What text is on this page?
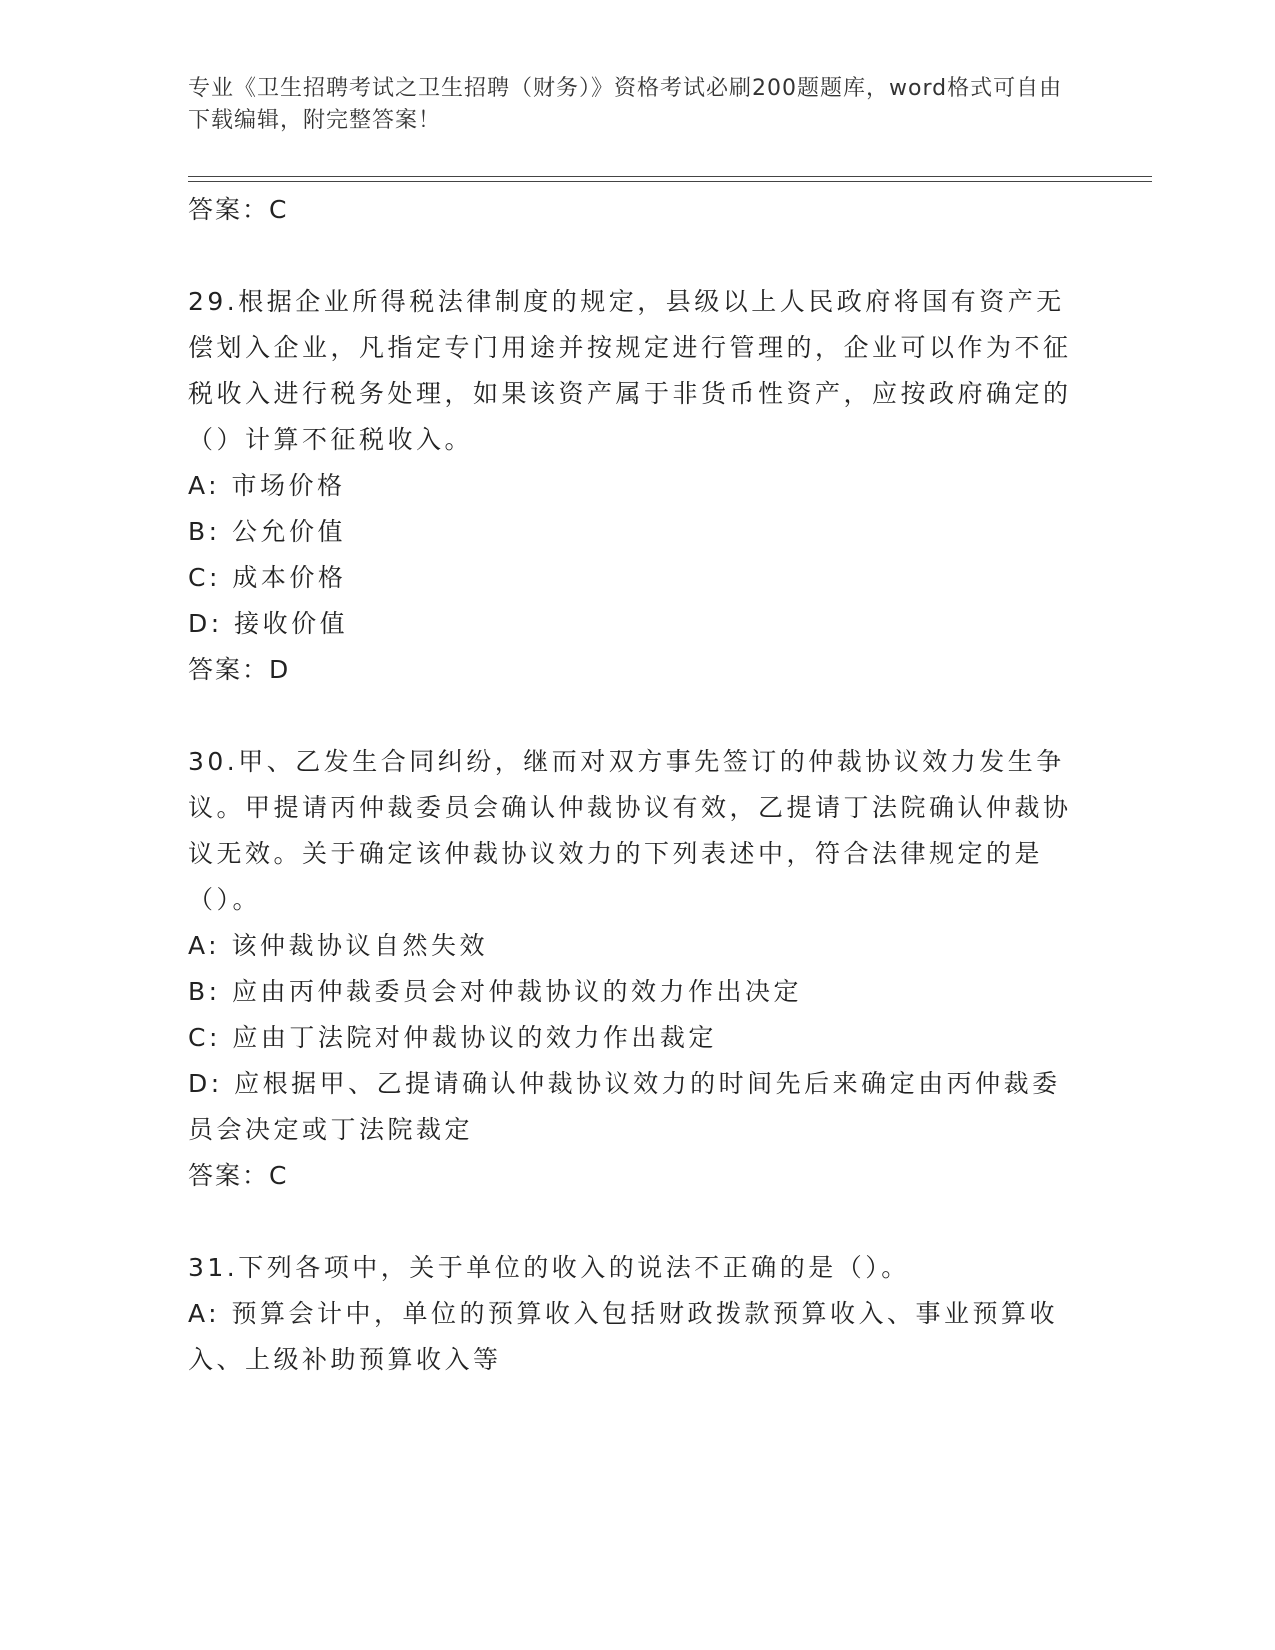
专业《卫生招聘考试之卫生招聘（财务）》资格考试必刷200题题库，word格式可自由下载编辑，附完整答案！

答案：C

29.根据企业所得税法律制度的规定，县级以上人民政府将国有资产无偿划入企业，凡指定专门用途并按规定进行管理的，企业可以作为不征税收入进行税务处理，如果该资产属于非货币性资产，应按政府确定的（）计算不征税收入。

A: 市场价格

B: 公允价值

C: 成本价格

D: 接收价值

答案：D

30.甲、乙发生合同纠纷，继而对双方事先签订的仲裁协议效力发生争议。甲提请丙仲裁委员会确认仲裁协议有效，乙提请丁法院确认仲裁协议无效。关于确定该仲裁协议效力的下列表述中，符合法律规定的是（）。

A: 该仲裁协议自然失效

B: 应由丙仲裁委员会对仲裁协议的效力作出决定

C: 应由丁法院对仲裁协议的效力作出裁定

D: 应根据甲、乙提请确认仲裁协议效力的时间先后来确定由丙仲裁委员会决定或丁法院裁定

答案：C

31.下列各项中，关于单位的收入的说法不正确的是（）。

A: 预算会计中，单位的预算收入包括财政拨款预算收入、事业预算收入、上级补助预算收入等
